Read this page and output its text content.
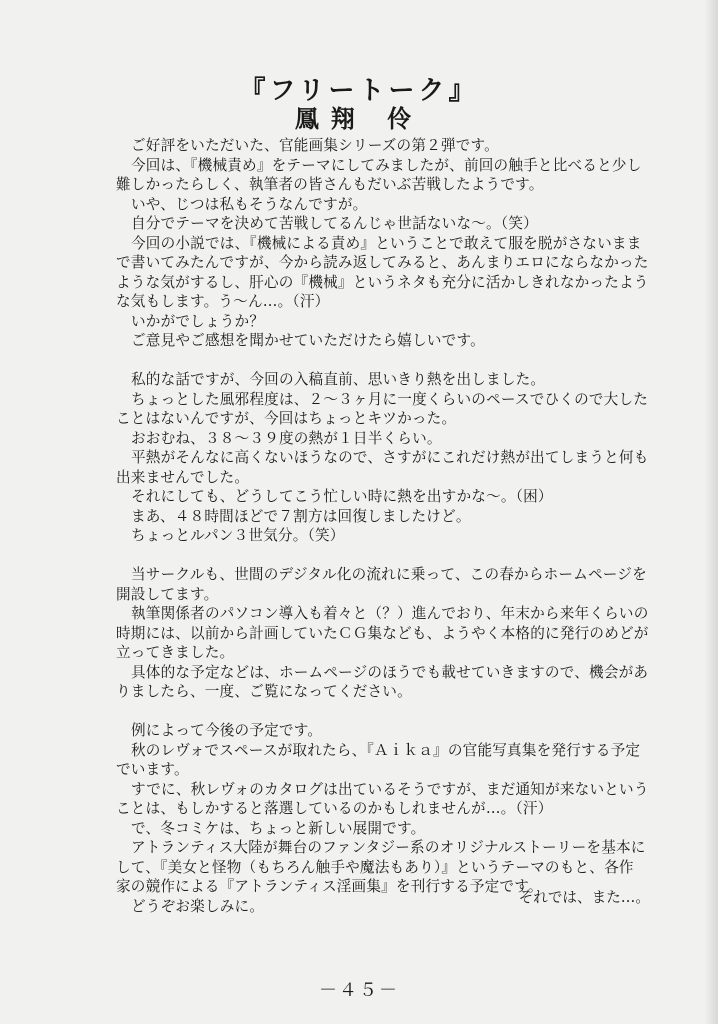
『フリートーク』
鳳翔 伶
ご好評をいただいた、官能画集シリーズの第２弾です。
今回は、『機械責め』をテーマにしてみましたが、前回の触手と比べると少し
難しかったらしく、執筆者の皆さんもだいぶ苦戦したようです。
いや、じつは私もそうなんですが。
自分でテーマを決めて苦戦してるんじゃ世話ないな～。（笑）
今回の小説では、『機械による責め』ということで敢えて服を脱がさないまま
で書いてみたんですが、今から読み返してみると、あんまりエロにならなかった
ような気がするし、肝心の『機械』というネタも充分に活かしきれなかったよう
な気もします。う～ん…。（汗）
いかがでしょうか？
ご意見やご感想を聞かせていただけたら嬉しいです。
私的な話ですが、今回の入稿直前、思いきり熱を出しました。
ちょっとした風邪程度は、２～３ヶ月に一度くらいのペースでひくので大した
ことはないんですが、今回はちょっとキツかった。
おおむね、３８～３９度の熱が１日半くらい。
平熱がそんなに高くないほうなので、さすがにこれだけ熱が出てしまうと何も
出来ませんでした。
それにしても、どうしてこう忙しい時に熱を出すかな～。（困）
まあ、４８時間ほどで７割方は回復しましたけど。
ちょっとルパン３世気分。（笑）
当サークルも、世間のデジタル化の流れに乗って、この春からホームページを
開設してます。
執筆関係者のパソコン導入も着々と（？）進んでおり、年末から来年くらいの
時期には、以前から計画していたＣＧ集なども、ようやく本格的に発行のめどが
立ってきました。
具体的な予定などは、ホームページのほうでも載せていきますので、機会があ
りましたら、一度、ご覧になってください。
例によって今後の予定です。
秋のレヴォでスペースが取れたら、『Ａｉｋａ』の官能写真集を発行する予定
でいます。
すでに、秋レヴォのカタログは出ているそうですが、まだ通知が来ないという
ことは、もしかすると落選しているのかもしれませんが…。（汗）
で、冬コミケは、ちょっと新しい展開です。
アトランティス大陸が舞台のファンタジー系のオリジナルストーリーを基本に
して、『美女と怪物（もちろん触手や魔法もあり）』というテーマのもと、各作
家の競作による『アトランティス淫画集』を刊行する予定です。
どうぞお楽しみに。	それでは、また…。
－４５－
